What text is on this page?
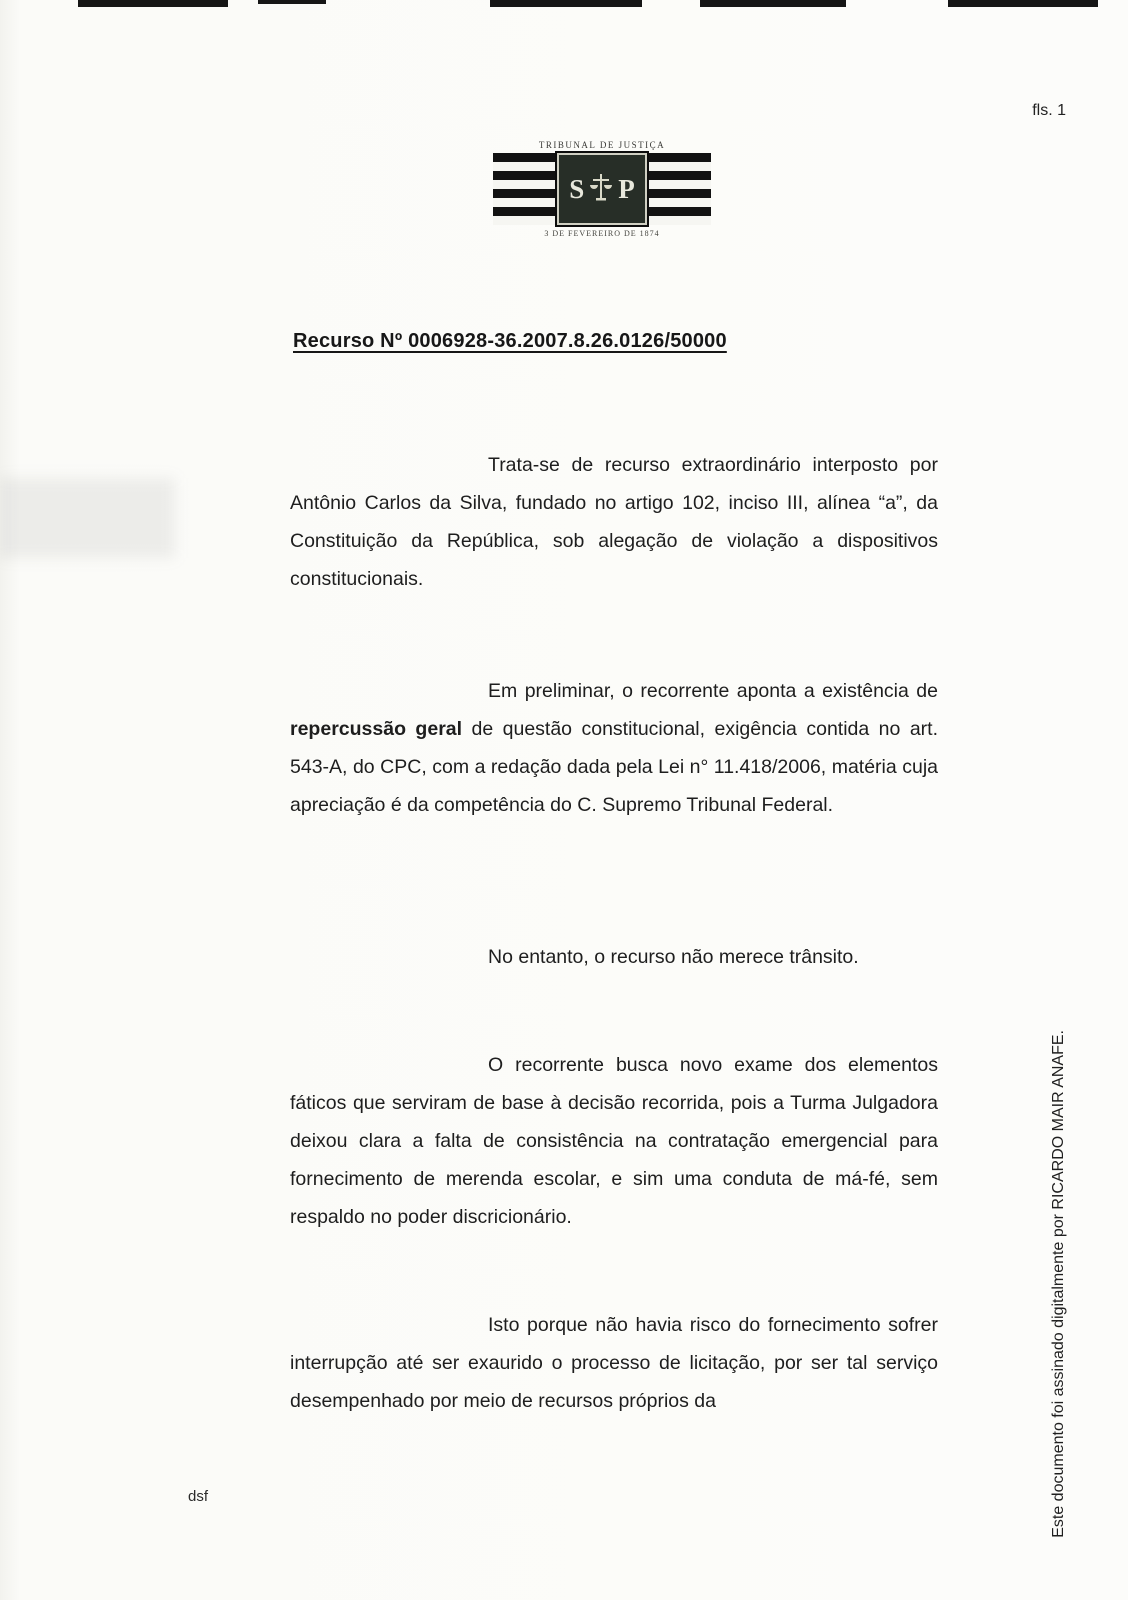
fls. 1
TRIBUNAL DE JUSTIÇA
S P
3 DE FEVEREIRO DE 1874
Recurso Nº 0006928-36.2007.8.26.0126/50000

Trata-se de recurso extraordinário interposto por Antônio Carlos da Silva, fundado no artigo 102, inciso III, alínea “a”, da Constituição da República, sob alegação de violação a dispositivos constitucionais.

Em preliminar, o recorrente aponta a existência de repercussão geral de questão constitucional, exigência contida no art. 543-A, do CPC, com a redação dada pela Lei n° 11.418/2006, matéria cuja apreciação é da competência do C. Supremo Tribunal Federal.

No entanto, o recurso não merece trânsito.

O recorrente busca novo exame dos elementos fáticos que serviram de base à decisão recorrida, pois a Turma Julgadora deixou clara a falta de consistência na contratação emergencial para fornecimento de merenda escolar, e sim uma conduta de má-fé, sem respaldo no poder discricionário.

Isto porque não havia risco do fornecimento sofrer interrupção até ser exaurido o processo de licitação, por ser tal serviço desempenhado por meio de recursos próprios da

dsf	Este documento foi assinado digitalmente por RICARDO MAIR ANAFE.
